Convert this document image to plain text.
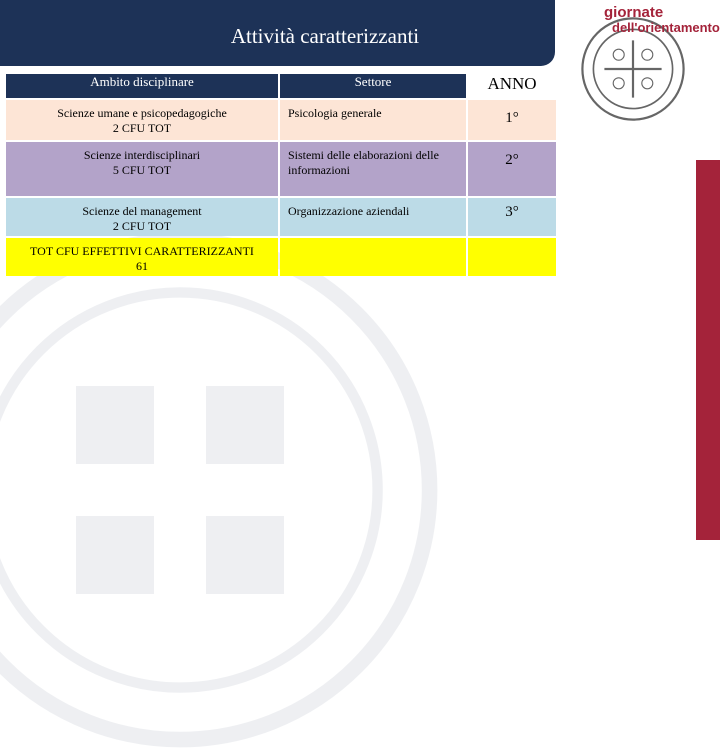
Attività caratterizzanti
giornate
dell'orientamento
Ambito disciplinare	Settore	ANNO

Scienze umane e psicopedagogiche
2 CFU TOT	Psicologia generale	1°

Scienze interdisciplinari
5 CFU TOT	Sistemi delle elaborazioni delle informazioni	2°

Scienze del management
2 CFU TOT	Organizzazione aziendali	3°

TOT CFU EFFETTIVI CARATTERIZZANTI
61		
